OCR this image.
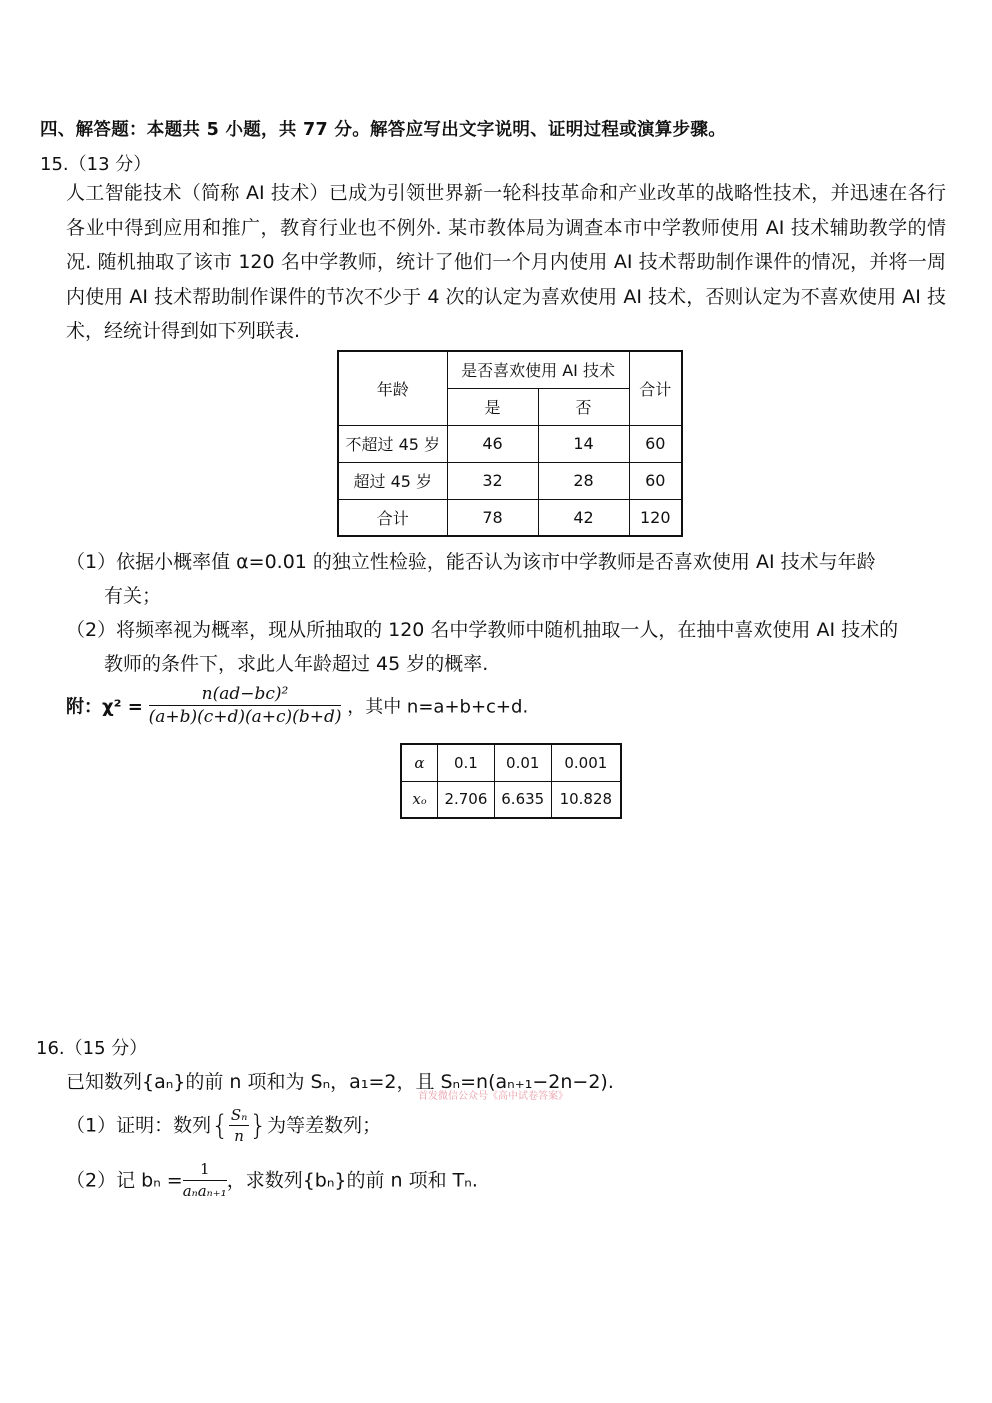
四、解答题：本题共 5 小题，共 77 分。解答应写出文字说明、证明过程或演算步骤。
15.（13 分）
人工智能技术（简称 AI 技术）已成为引领世界新一轮科技革命和产业改革的战略性技术，并迅速在各行各业中得到应用和推广，教育行业也不例外. 某市教体局为调查本市中学教师使用 AI 技术辅助教学的情况. 随机抽取了该市 120 名中学教师，统计了他们一个月内使用 AI 技术帮助制作课件的情况，并将一周内使用 AI 技术帮助制作课件的节次不少于 4 次的认定为喜欢使用 AI 技术，否则认定为不喜欢使用 AI 技术，经统计得到如下列联表.
年龄	是否喜欢使用 AI 技术		合计
	是	否	
不超过 45 岁	46	14	60
超过 45 岁	32	28	60
合计	78	42	120
（1）依据小概率值 α=0.01 的独立性检验，能否认为该市中学教师是否喜欢使用 AI 技术与年龄
有关；
（2）将频率视为概率，现从所抽取的 120 名中学教师中随机抽取一人，在抽中喜欢使用 AI 技术的
教师的条件下，求此人年龄超过 45 岁的概率.
附：$\chi^2 = \frac{\text{n(ad−bc)²}}{(a+b)(c+d)(a+c)(b+d)}$ ，其中 n=a+b+c+d.
α	0.1	0.01	0.001
xₒ	2.706	6.635	10.828
16.（15 分）
已知数列{aₙ}的前 n 项和为 Sₙ，a₁=2，且 Sₙ=n(aₙ₊₁−2n−2).
首发微信公众号《高中试卷答案》
（1）证明：数列{ $\frac{\text{Sₙ}}{n}$ }为等差数列；
（2）记 $b_n = \frac{1}{\text{aₙaₙ₊₁}}$ ，求数列{bₙ}的前 n 项和 Tₙ.
